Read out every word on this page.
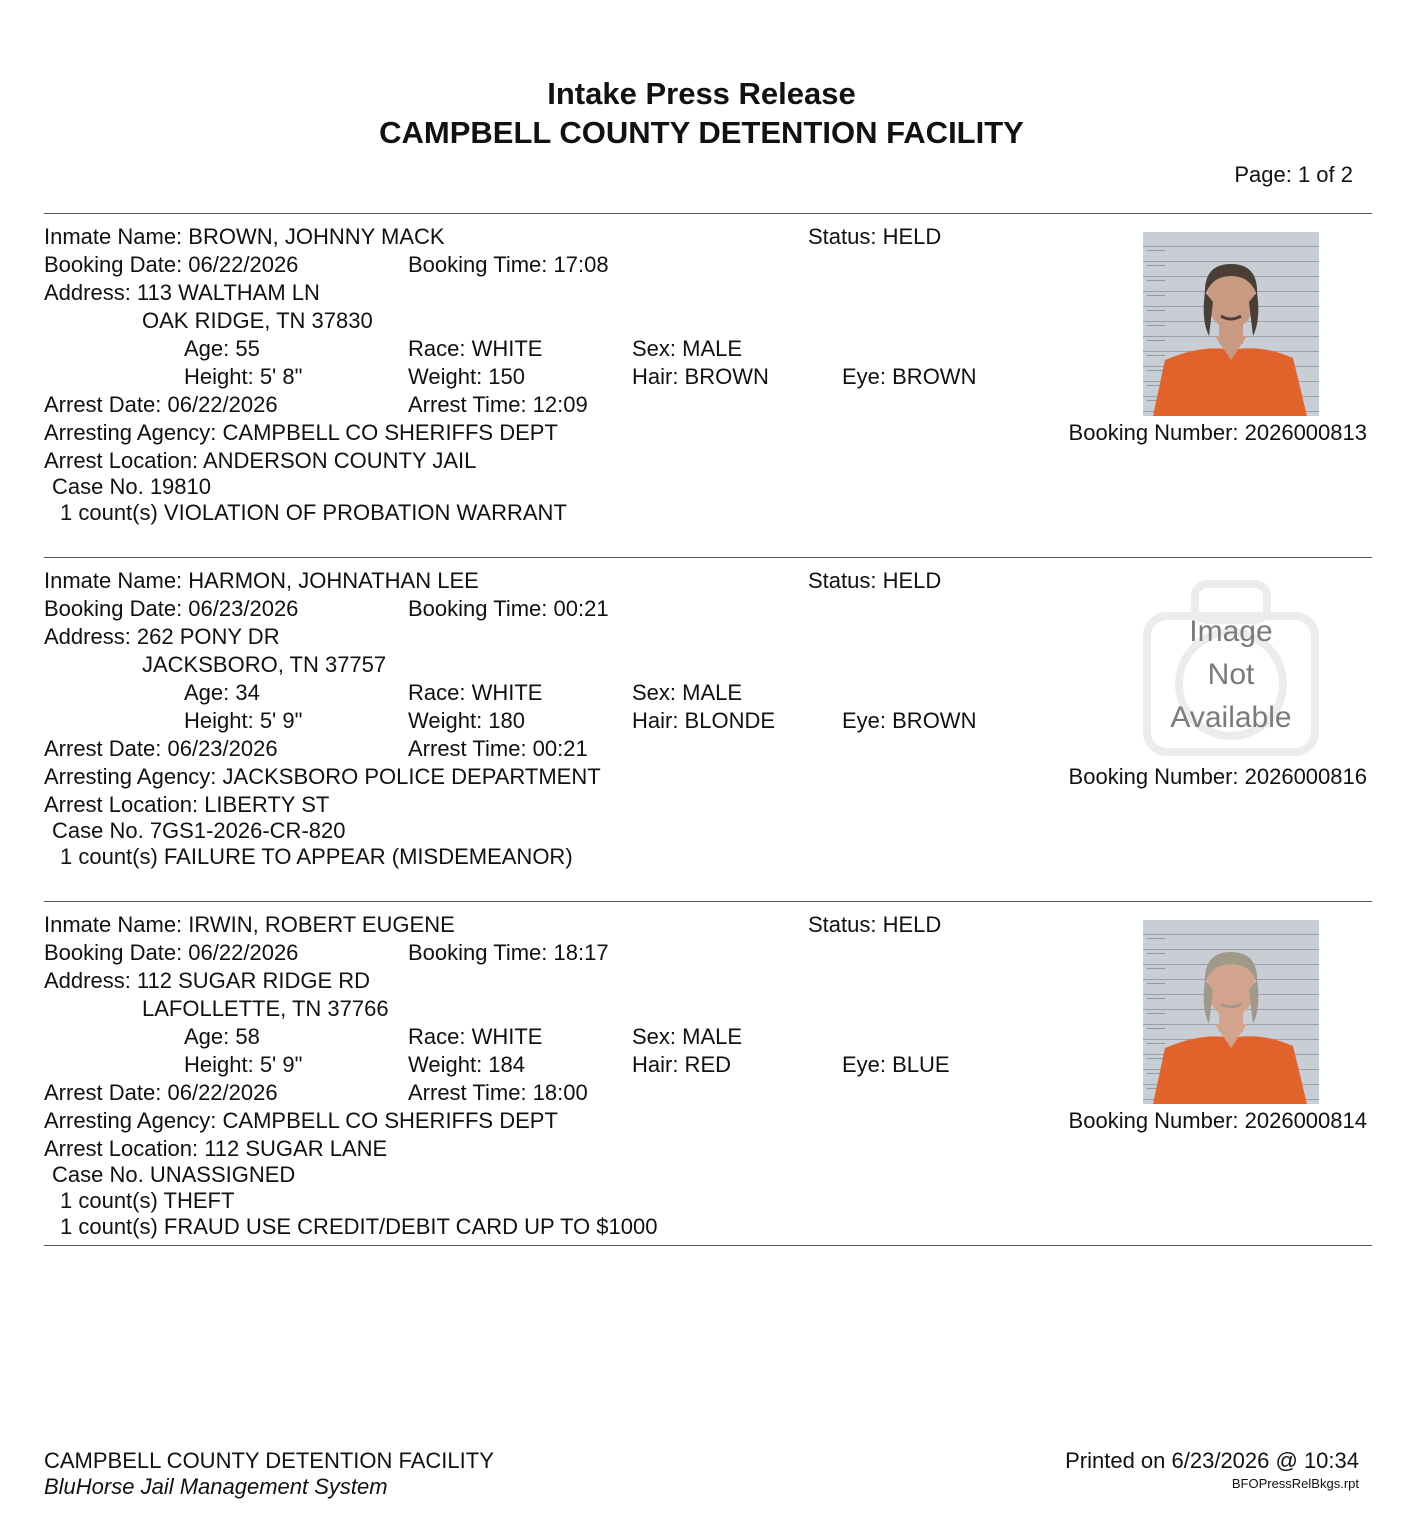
Intake Press Release
CAMPBELL COUNTY DETENTION FACILITY
Page: 1 of 2
Inmate Name: BROWN, JOHNNY MACK	Status: HELD
Booking Date: 06/22/2026	Booking Time: 17:08
Address: 113 WALTHAM LN
OAK RIDGE, TN 37830
Age: 55	Race: WHITE	Sex: MALE
Height: 5' 8"	Weight: 150	Hair: BROWN	Eye: BROWN
Arrest Date: 06/22/2026	Arrest Time: 12:09
Arresting Agency: CAMPBELL CO SHERIFFS DEPT
Arrest Location: ANDERSON COUNTY JAIL
Case No. 19810
1 count(s) VIOLATION OF PROBATION WARRANT
Booking Number: 2026000813
Inmate Name: HARMON, JOHNATHAN LEE	Status: HELD
Booking Date: 06/23/2026	Booking Time: 00:21
Address: 262 PONY DR
JACKSBORO, TN 37757
Age: 34	Race: WHITE	Sex: MALE
Height: 5' 9"	Weight: 180	Hair: BLONDE	Eye: BROWN
Arrest Date: 06/23/2026	Arrest Time: 00:21
Arresting Agency: JACKSBORO POLICE DEPARTMENT
Arrest Location: LIBERTY ST
Case No. 7GS1-2026-CR-820
1 count(s) FAILURE TO APPEAR (MISDEMEANOR)
Booking Number: 2026000816
Image
Not
Available
Inmate Name: IRWIN, ROBERT EUGENE	Status: HELD
Booking Date: 06/22/2026	Booking Time: 18:17
Address: 112 SUGAR RIDGE RD
LAFOLLETTE, TN 37766
Age: 58	Race: WHITE	Sex: MALE
Height: 5' 9"	Weight: 184	Hair: RED	Eye: BLUE
Arrest Date: 06/22/2026	Arrest Time: 18:00
Arresting Agency: CAMPBELL CO SHERIFFS DEPT
Arrest Location: 112 SUGAR LANE
Case No. UNASSIGNED
1 count(s) THEFT
1 count(s) FRAUD USE CREDIT/DEBIT CARD UP TO $1000
Booking Number: 2026000814
CAMPBELL COUNTY DETENTION FACILITY
BluHorse Jail Management System
Printed on 6/23/2026 @ 10:34
BFOPressRelBkgs.rpt
